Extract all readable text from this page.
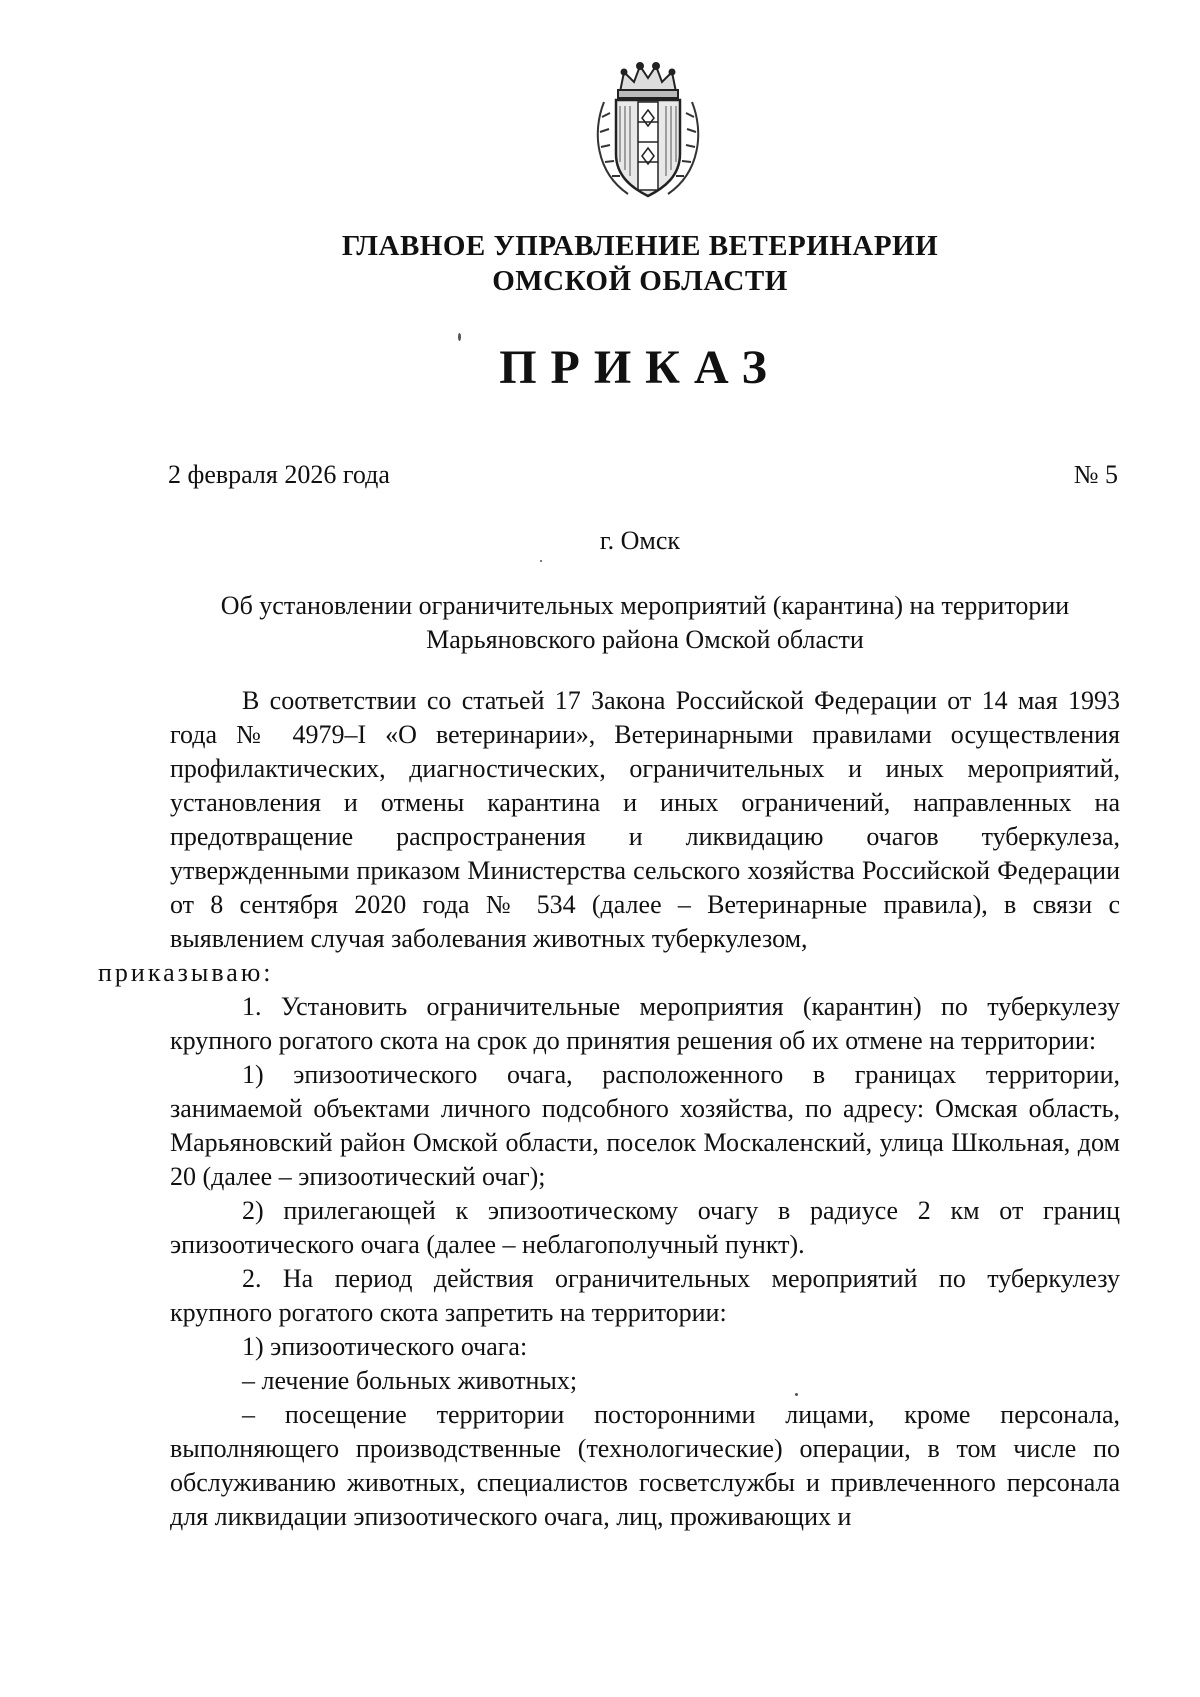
ГЛАВНОЕ УПРАВЛЕНИЕ ВЕТЕРИНАРИИ
ОМСКОЙ ОБЛАСТИ
ПРИКАЗ
2 февраля 2026 года	№ 5
г. Омск
Об установлении ограничительных мероприятий (карантина) на территории Марьяновского района Омской области

В соответствии со статьей 17 Закона Российской Федерации от 14 мая 1993 года № 4979–I «О ветеринарии», Ветеринарными правилами осуществления профилактических, диагностических, ограничительных и иных мероприятий, установления и отмены карантина и иных ограничений, направленных на предотвращение распространения и ликвидацию очагов туберкулеза, утвержденными приказом Министерства сельского хозяйства Российской Федерации от 8 сентября 2020 года № 534 (далее – Ветеринарные правила), в связи с выявлением случая заболевания животных туберкулезом,
приказываю:

1. Установить ограничительные мероприятия (карантин) по туберкулезу крупного рогатого скота на срок до принятия решения об их отмене на территории:

1) эпизоотического очага, расположенного в границах территории, занимаемой объектами личного подсобного хозяйства, по адресу: Омская область, Марьяновский район Омской области, поселок Москаленский, улица Школьная, дом 20 (далее – эпизоотический очаг);

2) прилегающей к эпизоотическому очагу в радиусе 2 км от границ эпизоотического очага (далее – неблагополучный пункт).

2. На период действия ограничительных мероприятий по туберкулезу крупного рогатого скота запретить на территории:

1) эпизоотического очага:

– лечение больных животных;

– посещение территории посторонними лицами, кроме персонала, выполняющего производственные (технологические) операции, в том числе по обслуживанию животных, специалистов госветслужбы и привлеченного персонала для ликвидации эпизоотического очага, лиц, проживающих и
